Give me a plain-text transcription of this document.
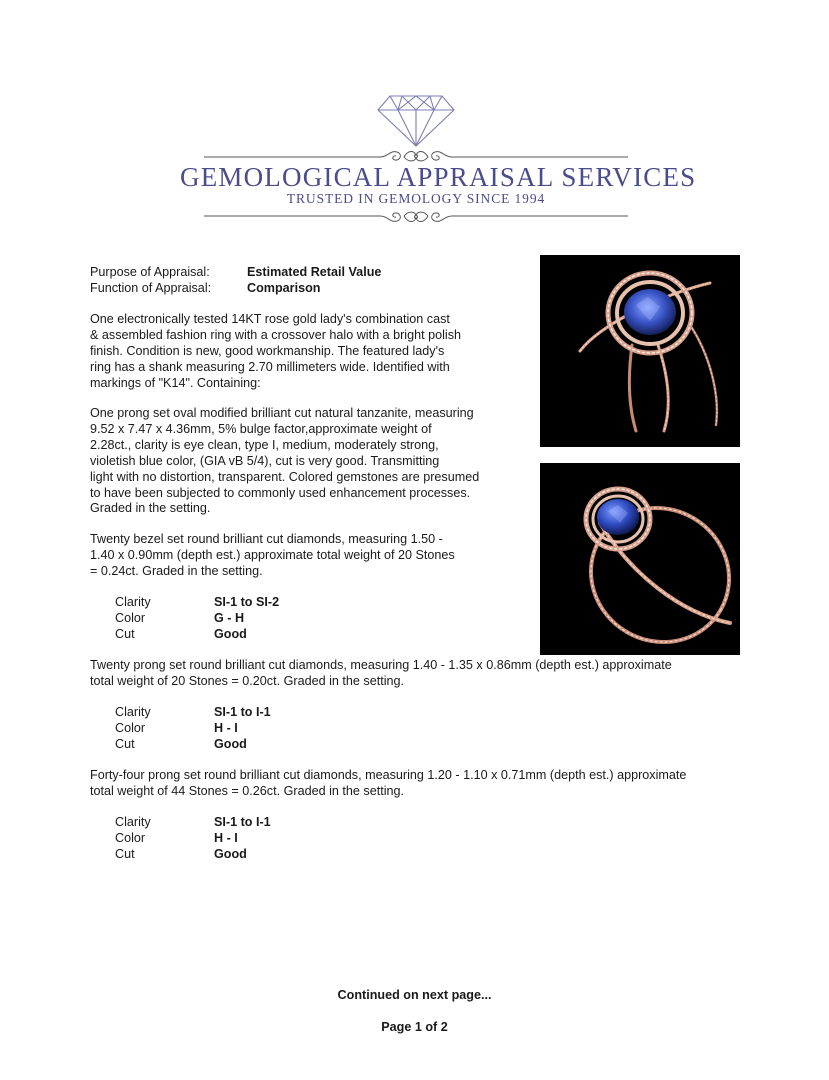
GEMOLOGICAL APPRAISAL SERVICES
TRUSTED IN GEMOLOGY SINCE 1994
Purpose of Appraisal:	Estimated Retail Value
Function of Appraisal:	Comparison
One electronically tested 14KT rose gold lady's combination cast
& assembled fashion ring with a crossover halo with a bright polish
finish. Condition is new, good workmanship. The featured lady's
ring has a shank measuring 2.70 millimeters wide. Identified with
markings of "K14". Containing:
One prong set oval modified brilliant cut natural tanzanite, measuring
9.52 x 7.47 x 4.36mm, 5% bulge factor,approximate weight of
2.28ct., clarity is eye clean, type I, medium, moderately strong,
violetish blue color, (GIA vB 5/4), cut is very good. Transmitting
light with no distortion, transparent. Colored gemstones are presumed
to have been subjected to commonly used enhancement processes.
Graded in the setting.
Twenty bezel set round brilliant cut diamonds, measuring 1.50 -
1.40 x 0.90mm (depth est.) approximate total weight of 20 Stones
= 0.24ct. Graded in the setting.
Clarity	SI-1 to SI-2
Color	G - H
Cut	Good
Twenty prong set round brilliant cut diamonds, measuring 1.40 - 1.35 x 0.86mm (depth est.) approximate
total weight of 20 Stones = 0.20ct. Graded in the setting.
Clarity	SI-1 to I-1
Color	H - I
Cut	Good
Forty-four prong set round brilliant cut diamonds, measuring 1.20 - 1.10 x 0.71mm (depth est.) approximate
total weight of 44 Stones = 0.26ct. Graded in the setting.
Clarity	SI-1 to I-1
Color	H - I
Cut	Good
Continued on next page...
Page 1 of 2
